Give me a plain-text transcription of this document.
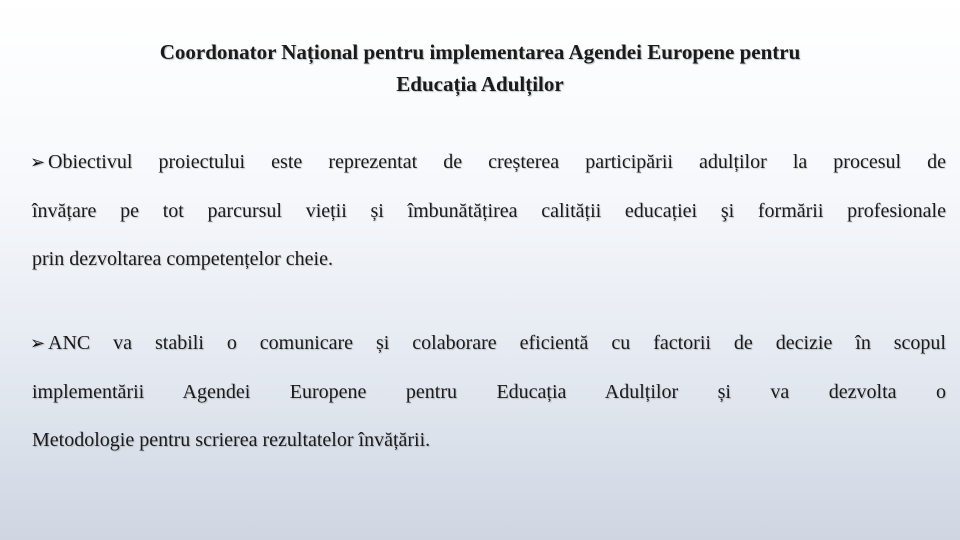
Coordonator Național pentru implementarea Agendei Europene pentru
Educația Adulților
➢ Obiectivul proiectului este reprezentat de creșterea participării adulților la procesul de
învățare pe tot parcursul vieții și îmbunătățirea calității educației şi formării profesionale
prin dezvoltarea competențelor cheie.
➢ ANC va stabili o comunicare și colaborare eficientă cu factorii de decizie în scopul
implementării Agendei Europene pentru Educația Adulților și va dezvolta o
Metodologie pentru scrierea rezultatelor învățării.
